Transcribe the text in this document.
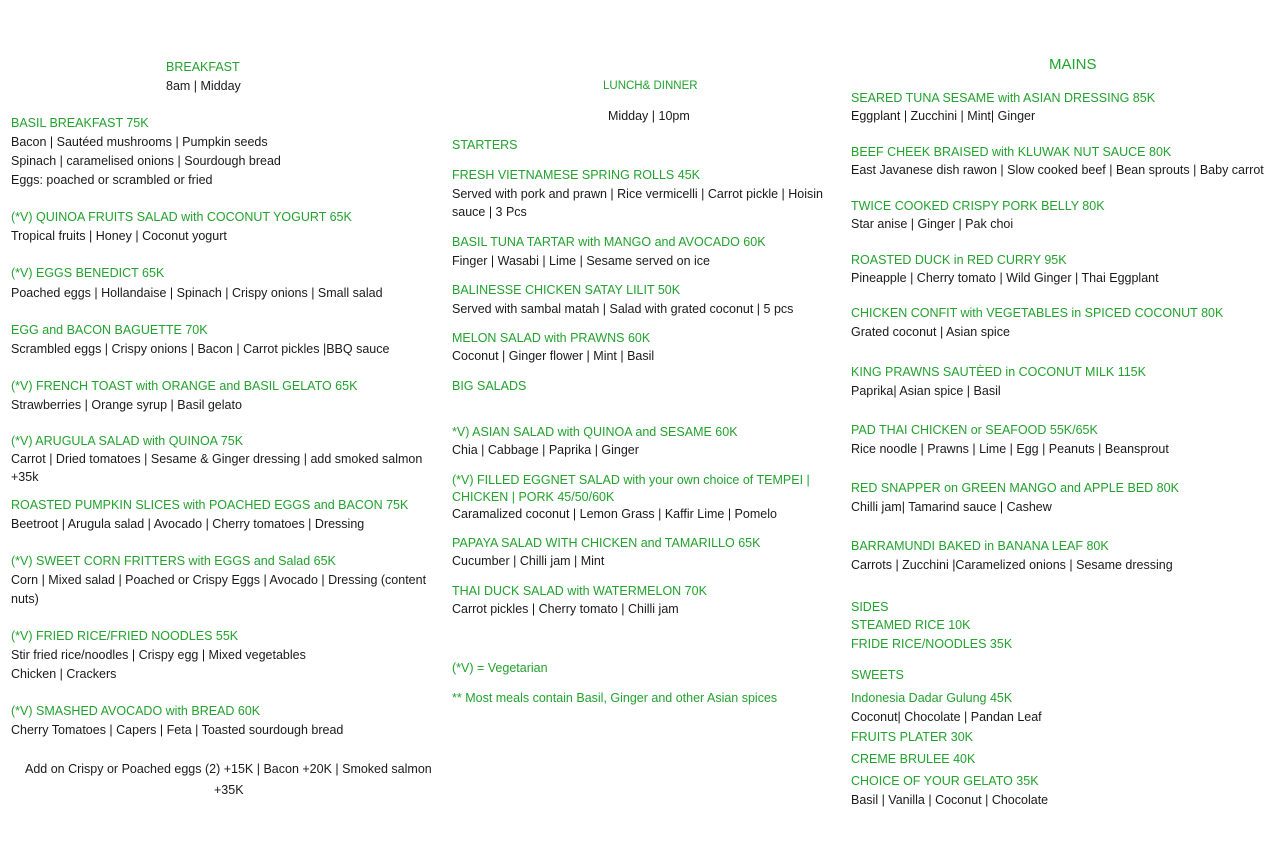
BREAKFAST
8am | Midday
BASIL BREAKFAST 75K
Bacon | Sautéed mushrooms | Pumpkin seeds
Spinach | caramelised onions | Sourdough bread
Eggs: poached or scrambled or fried
(*V) QUINOA FRUITS SALAD with COCONUT YOGURT 65K
Tropical fruits | Honey | Coconut yogurt
(*V) EGGS BENEDICT 65K
Poached eggs | Hollandaise | Spinach | Crispy onions | Small salad
EGG and BACON BAGUETTE 70K
Scrambled eggs | Crispy onions | Bacon | Carrot pickles |BBQ sauce
(*V) FRENCH TOAST with ORANGE and BASIL GELATO 65K
Strawberries | Orange syrup | Basil gelato
(*V) ARUGULA SALAD with QUINOA 75K
Carrot | Dried tomatoes | Sesame & Ginger dressing | add smoked salmon
+35k
ROASTED PUMPKIN SLICES with POACHED EGGS and BACON 75K
Beetroot | Arugula salad | Avocado | Cherry tomatoes | Dressing
(*V) SWEET CORN FRITTERS with EGGS and Salad 65K
Corn | Mixed salad | Poached or Crispy Eggs | Avocado | Dressing (content
nuts)
(*V) FRIED RICE/FRIED NOODLES 55K
Stir fried rice/noodles | Crispy egg | Mixed vegetables
Chicken | Crackers
(*V) SMASHED AVOCADO with BREAD 60K
Cherry Tomatoes | Capers | Feta | Toasted sourdough bread
Add on Crispy or Poached eggs (2) +15K | Bacon +20K | Smoked salmon
+35K
LUNCH& DINNER
Midday | 10pm
STARTERS
FRESH VIETNAMESE SPRING ROLLS 45K
Served with pork and prawn | Rice vermicelli | Carrot pickle | Hoisin
sauce | 3 Pcs
BASIL TUNA TARTAR with MANGO and AVOCADO 60K
Finger | Wasabi | Lime | Sesame served on ice
BALINESSE CHICKEN SATAY LILIT 50K
Served with sambal matah | Salad with grated coconut | 5 pcs
MELON SALAD with PRAWNS 60K
Coconut | Ginger flower | Mint | Basil
BIG SALADS
*V) ASIAN SALAD with QUINOA and SESAME 60K
Chia | Cabbage | Paprika | Ginger
(*V) FILLED EGGNET SALAD with your own choice of TEMPEI |
CHICKEN | PORK 45/50/60K
Caramalized coconut | Lemon Grass | Kaffir Lime | Pomelo
PAPAYA SALAD WITH CHICKEN and TAMARILLO 65K
Cucumber | Chilli jam | Mint
THAI DUCK SALAD with WATERMELON 70K
Carrot pickles | Cherry tomato | Chilli jam
(*V) = Vegetarian
** Most meals contain Basil, Ginger and other Asian spices
MAINS
SEARED TUNA SESAME with ASIAN DRESSING 85K
Eggplant | Zucchini | Mint| Ginger
BEEF CHEEK BRAISED with KLUWAK NUT SAUCE 80K
East Javanese dish rawon | Slow cooked beef | Bean sprouts | Baby carrot
TWICE COOKED CRISPY PORK BELLY 80K
Star anise | Ginger | Pak choi
ROASTED DUCK in RED CURRY 95K
Pineapple | Cherry tomato | Wild Ginger | Thai Eggplant
CHICKEN CONFIT with VEGETABLES in SPICED COCONUT 80K
Grated coconut | Asian spice
KING PRAWNS SAUTÈED in COCONUT MILK 115K
Paprika| Asian spice | Basil
PAD THAI CHICKEN or SEAFOOD 55K/65K
Rice noodle | Prawns | Lime | Egg | Peanuts | Beansprout
RED SNAPPER on GREEN MANGO and APPLE BED 80K
Chilli jam| Tamarind sauce | Cashew
BARRAMUNDI BAKED in BANANA LEAF 80K
Carrots | Zucchini |Caramelized onions | Sesame dressing
SIDES
STEAMED RICE 10K
FRIDE RICE/NOODLES 35K
SWEETS
Indonesia Dadar Gulung 45K
Coconut| Chocolate | Pandan Leaf
FRUITS PLATER 30K
CREME BRULEE 40K
CHOICE OF YOUR GELATO 35K
Basil | Vanilla | Coconut | Chocolate
